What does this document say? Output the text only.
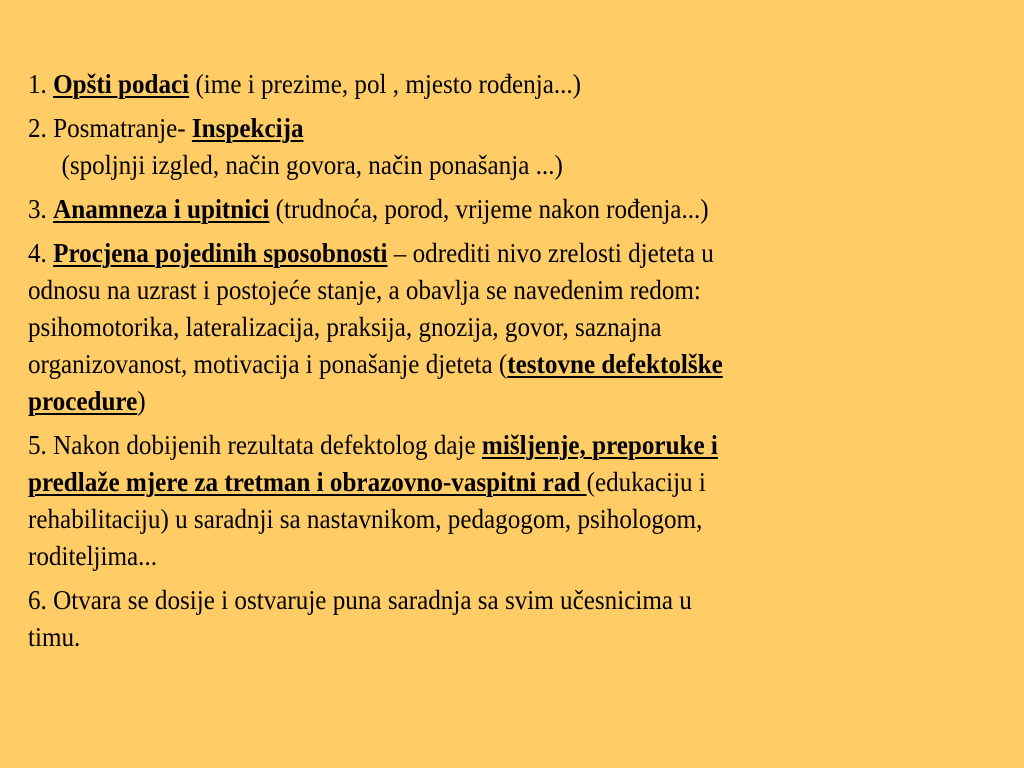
1. Opšti podaci (ime i prezime, pol , mjesto rođenja...)
2. Posmatranje- Inspekcija
(spoljnji izgled, način govora, način ponašanja ...)
3. Anamneza i upitnici (trudnoća, porod, vrijeme nakon rođenja...)
4. Procjena pojedinih sposobnosti – odrediti nivo zrelosti djeteta u
odnosu na uzrast i postojeće stanje, a obavlja se navedenim redom:
psihomotorika, lateralizacija, praksija, gnozija, govor, saznajna
organizovanost, motivacija i ponašanje djeteta (testovne defektolške
procedure)
5. Nakon dobijenih rezultata defektolog daje mišljenje, preporuke i
predlaže mjere za tretman i obrazovno-vaspitni rad (edukaciju i
rehabilitaciju) u saradnji sa nastavnikom, pedagogom, psihologom,
roditeljima...
6. Otvara se dosije i ostvaruje puna saradnja sa svim učesnicima u
timu.
